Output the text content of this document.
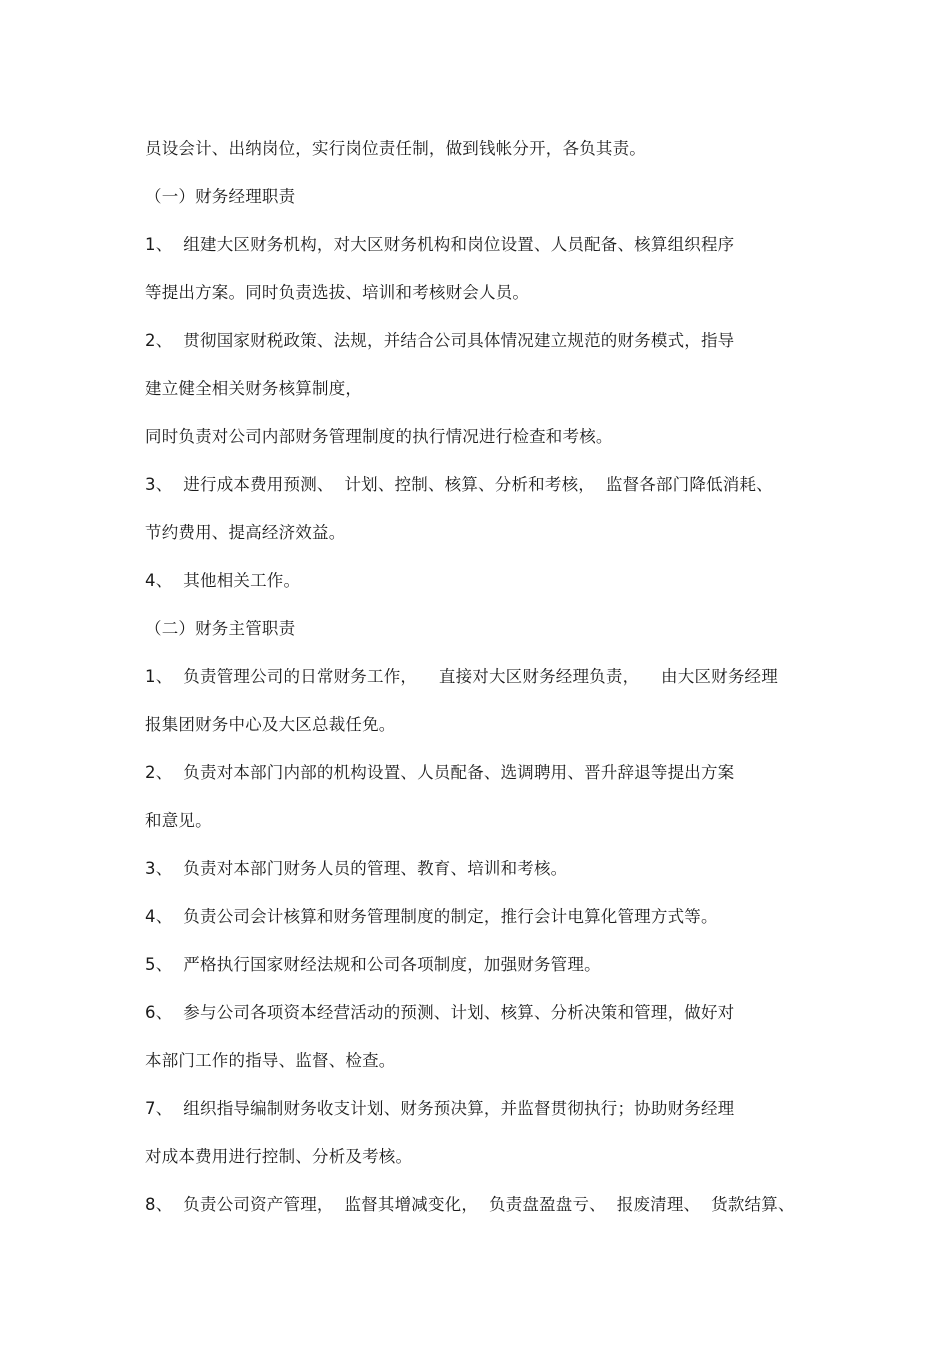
员设会计、出纳岗位，实行岗位责任制，做到钱帐分开，各负其责。
（一）财务经理职责
1、  组建大区财务机构，对大区财务机构和岗位设置、人员配备、核算组织程序
等提出方案。同时负责选拔、培训和考核财会人员。
2、  贯彻国家财税政策、法规，并结合公司具体情况建立规范的财务模式，指导
建立健全相关财务核算制度，
同时负责对公司内部财务管理制度的执行情况进行检查和考核。
3、  进行成本费用预测、  计划、控制、核算、分析和考核，  监督各部门降低消耗、
节约费用、提高经济效益。
4、  其他相关工作。
（二）财务主管职责
1、  负责管理公司的日常财务工作，    直接对大区财务经理负责，    由大区财务经理
报集团财务中心及大区总裁任免。
2、  负责对本部门内部的机构设置、人员配备、选调聘用、晋升辞退等提出方案
和意见。
3、  负责对本部门财务人员的管理、教育、培训和考核。
4、  负责公司会计核算和财务管理制度的制定，推行会计电算化管理方式等。
5、  严格执行国家财经法规和公司各项制度，加强财务管理。
6、  参与公司各项资本经营活动的预测、计划、核算、分析决策和管理，做好对
本部门工作的指导、监督、检查。
7、  组织指导编制财务收支计划、财务预决算，并监督贯彻执行；协助财务经理
对成本费用进行控制、分析及考核。
8、  负责公司资产管理，  监督其增减变化，  负责盘盈盘亏、  报废清理、  货款结算、
